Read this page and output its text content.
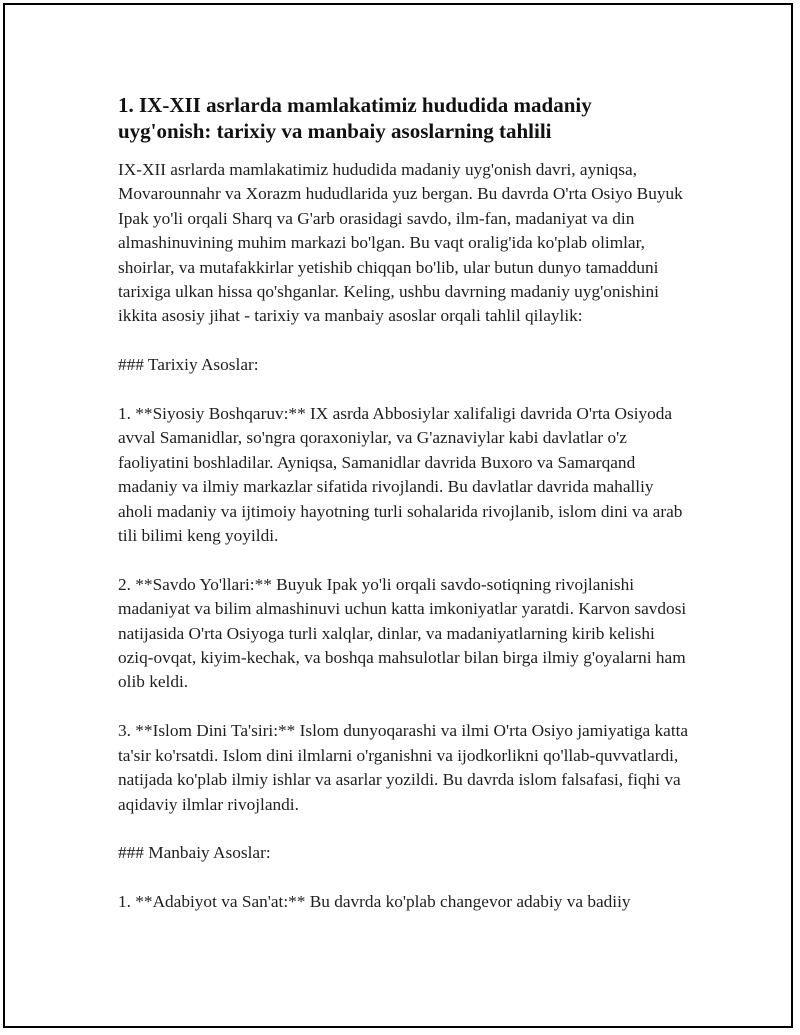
1. IX-XII asrlarda mamlakatimiz hududida madaniy uyg'onish: tarixiy va manbaiy asoslarning tahlili

IX-XII asrlarda mamlakatimiz hududida madaniy uyg'onish davri, ayniqsa, Movarounnahr va Xorazm hududlarida yuz bergan. Bu davrda O'rta Osiyo Buyuk Ipak yo'li orqali Sharq va G'arb orasidagi savdo, ilm-fan, madaniyat va din almashinuvining muhim markazi bo'lgan. Bu vaqt oralig'ida ko'plab olimlar, shoirlar, va mutafakkirlar yetishib chiqqan bo'lib, ular butun dunyo tamadduni tarixiga ulkan hissa qo'shganlar. Keling, ushbu davrning madaniy uyg'onishini ikkita asosiy jihat - tarixiy va manbaiy asoslar orqali tahlil qilaylik:

### Tarixiy Asoslar:

1. **Siyosiy Boshqaruv:** IX asrda Abbosiylar xalifaligi davrida O'rta Osiyoda avval Samanidlar, so'ngra qoraxoniylar, va G'aznaviylar kabi davlatlar o'z faoliyatini boshladilar. Ayniqsa, Samanidlar davrida Buxoro va Samarqand madaniy va ilmiy markazlar sifatida rivojlandi. Bu davlatlar davrida mahalliy aholi madaniy va ijtimoiy hayotning turli sohalarida rivojlanib, islom dini va arab tili bilimi keng yoyildi.

2. **Savdo Yo'llari:** Buyuk Ipak yo'li orqali savdo-sotiqning rivojlanishi madaniyat va bilim almashinuvi uchun katta imkoniyatlar yaratdi. Karvon savdosi natijasida O'rta Osiyoga turli xalqlar, dinlar, va madaniyatlarning kirib kelishi oziq-ovqat, kiyim-kechak, va boshqa mahsulotlar bilan birga ilmiy g'oyalarni ham olib keldi.

3. **Islom Dini Ta'siri:** Islom dunyoqarashi va ilmi O'rta Osiyo jamiyatiga katta ta'sir ko'rsatdi. Islom dini ilmlarni o'rganishni va ijodkorlikni qo'llab-quvvatlardi, natijada ko'plab ilmiy ishlar va asarlar yozildi. Bu davrda islom falsafasi, fiqhi va aqidaviy ilmlar rivojlandi.

### Manbaiy Asoslar:

1. **Adabiyot va San'at:** Bu davrda ko'plab changevor adabiy va badiiy
